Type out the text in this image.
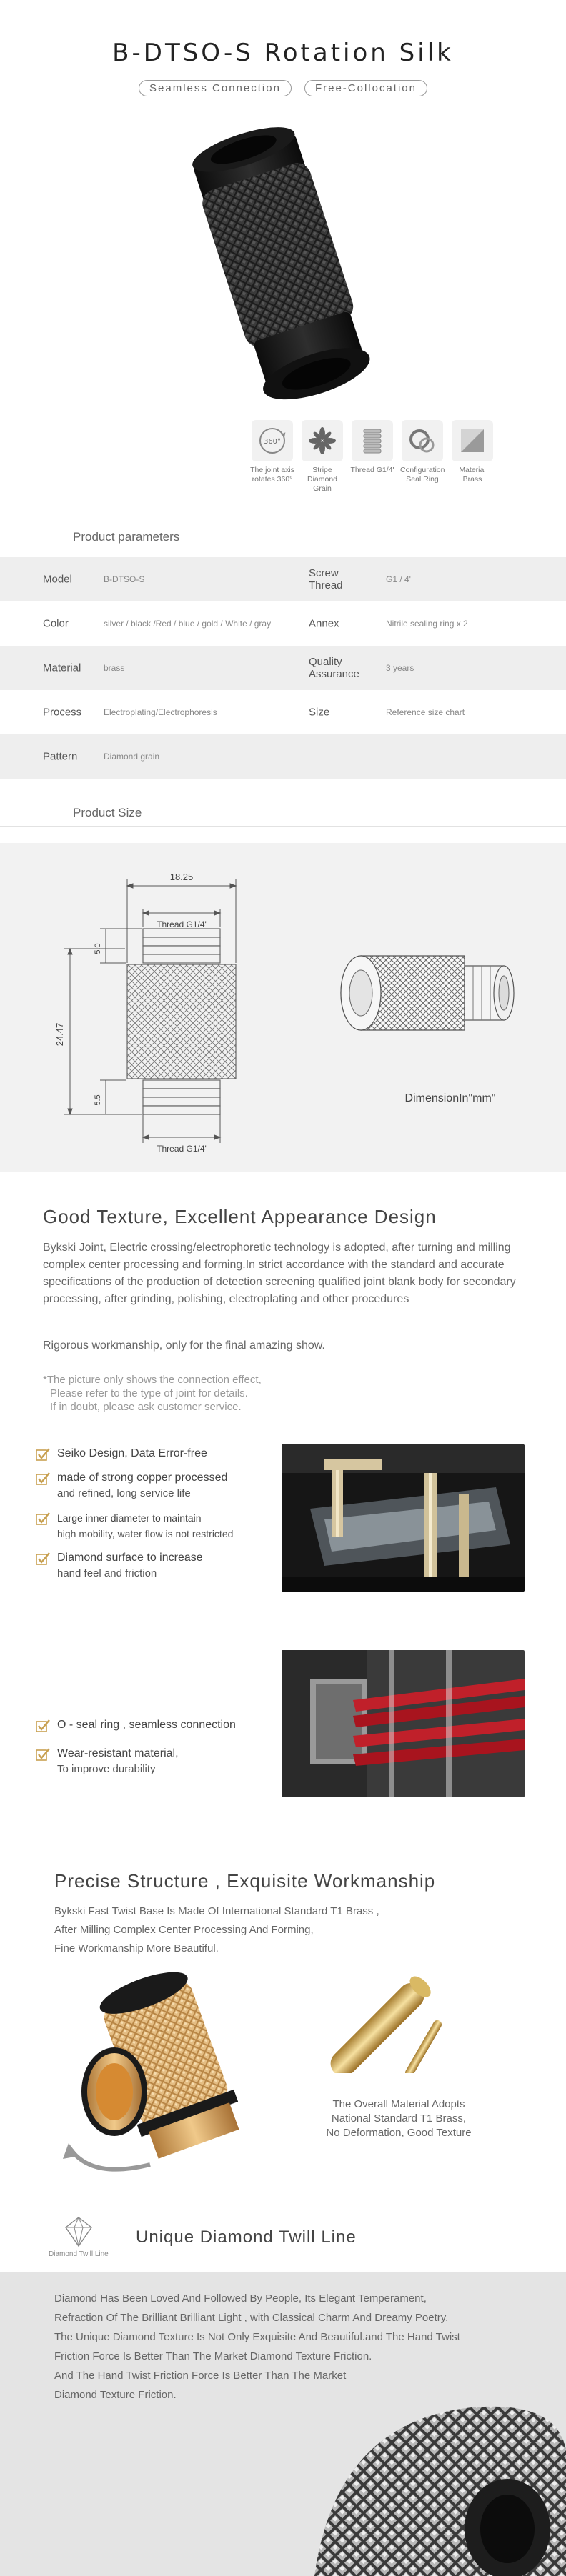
B-DTSO-S Rotation Silk
Seamless Connection	Free-Collocation
360°
The joint axis rotates 360°
Stripe Diamond Grain
Thread G1/4' Configuration Seal Ring
Material Brass
Product parameters
Model	B-DTSO-S	Screw Thread	G1 / 4'
Color	silver / black /Red / blue / gold / White / gray	Annex	Nitrile sealing ring x 2
Material	brass	Quality Assurance	3 years
Process	Electroplating/Electrophoresis	Size	Reference size chart
Pattern	Diamond grain
Product Size
18.25
Thread G1/4'
Thread G1/4'
24.47
5.0
5.5	DimensionIn"mm"
Good Texture, Excellent Appearance Design
Bykski Joint, Electric crossing/electrophoretic technology is adopted, after turning and milling complex center processing and forming.In strict accordance with the standard and accurate specifications of the production of detection screening qualified joint blank body for secondary processing, after grinding, polishing, electroplating and other procedures
Rigorous workmanship, only for the final amazing show.
*The picture only shows the connection effect,
Please refer to the type of joint for details.
If in doubt, please ask customer service.
Seiko Design, Data Error-free
made of strong copper processed
and refined, long service life
Large inner diameter to maintain
high mobility, water flow is not restricted
Diamond surface to increase
hand feel and friction
O - seal ring , seamless connection
Wear-resistant material,
To improve durability
Precise Structure , Exquisite Workmanship
Bykski Fast Twist Base Is Made Of International Standard T1 Brass ,
After Milling Complex Center Processing And Forming,
Fine Workmanship More Beautiful.
The Overall Material Adopts
National Standard T1 Brass,
No Deformation, Good Texture
Diamond Twill Line
Unique Diamond Twill Line
Diamond Has Been Loved And Followed By People, Its Elegant Temperament,
Refraction Of The Brilliant Brilliant Light , with Classical Charm And Dreamy Poetry,
The Unique Diamond Texture Is Not Only Exquisite And Beautiful.and The Hand Twist
Friction Force Is Better Than The Market Diamond Texture Friction.
And The Hand Twist Friction Force Is Better Than The Market
Diamond Texture Friction.
